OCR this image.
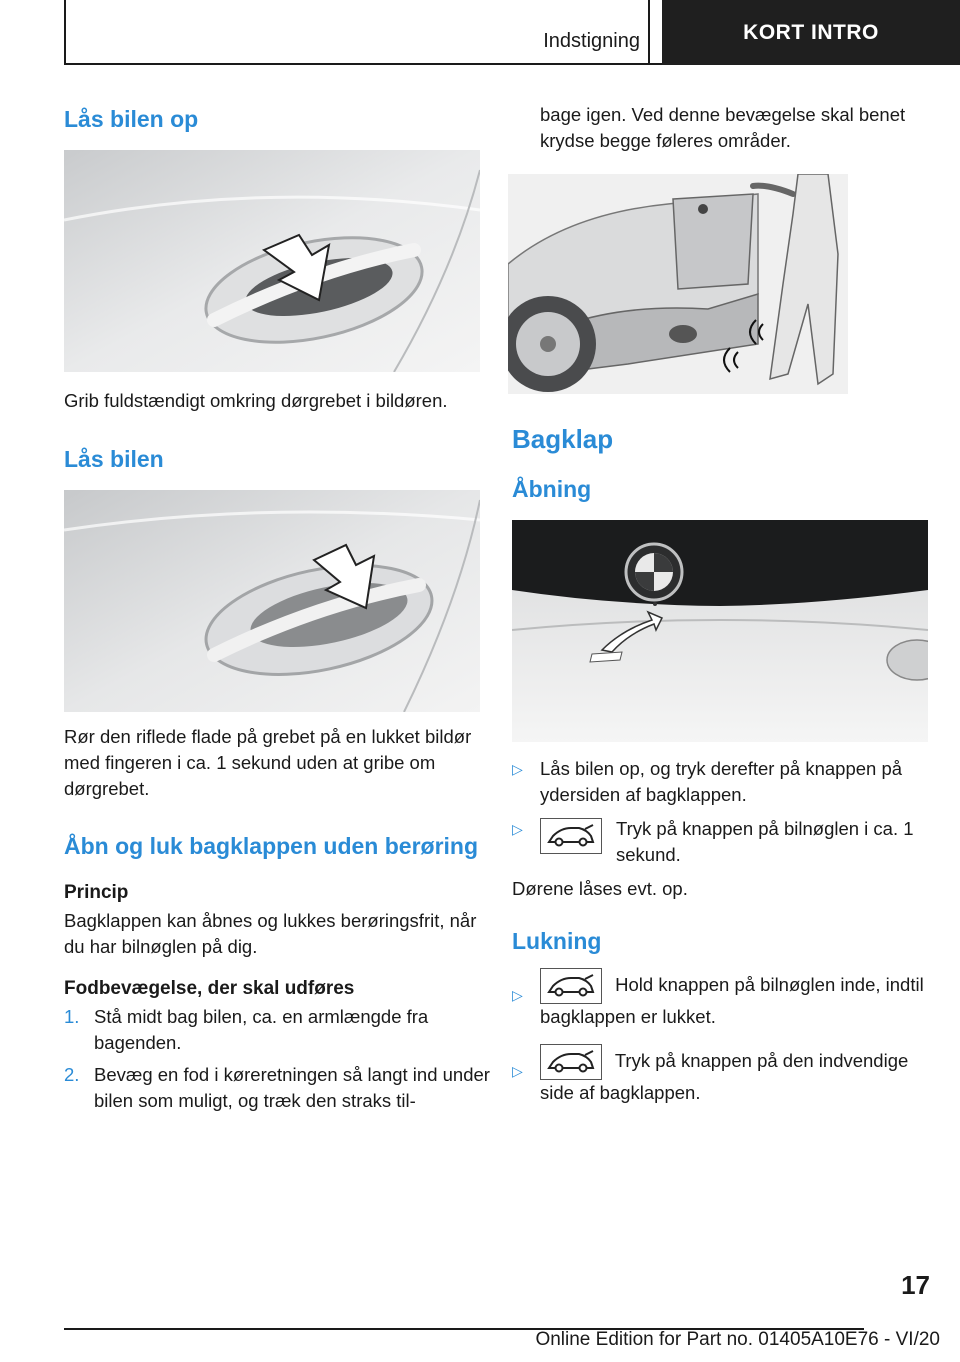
Indstigning	KORT INTRO
Lås bilen op

Grib fuldstændigt omkring dørgrebet i bildøren.

Lås bilen

Rør den riflede flade på grebet på en lukket bildør med fingeren i ca. 1 sekund uden at gribe om dørgrebet.

Åbn og luk bagklappen uden berøring
Princip

Bagklappen kan åbnes og lukkes berøringsfrit, når du har bilnøglen på dig.

Fodbevægelse, der skal udføres
1. Stå midt bag bilen, ca. en armlængde fra bagenden.
2. Bevæg en fod i køreretningen så langt ind under bilen som muligt, og træk den straks til-

bage igen. Ved denne bevægelse skal benet krydse begge føleres områder.

Bagklap
Åbning
▷ Lås bilen op, og tryk derefter på knappen på ydersiden af bagklappen.
▷	Tryk på knappen på bilnøglen i ca. 1 sekund.

Dørene låses evt. op.

Lukning
▷
Hold knappen på bilnøglen inde, indtil bagklappen er lukket.
▷
Tryk på knappen på den indvendige side af bagklappen.
17
Online Edition for Part no. 01405A10E76 - VI/20
